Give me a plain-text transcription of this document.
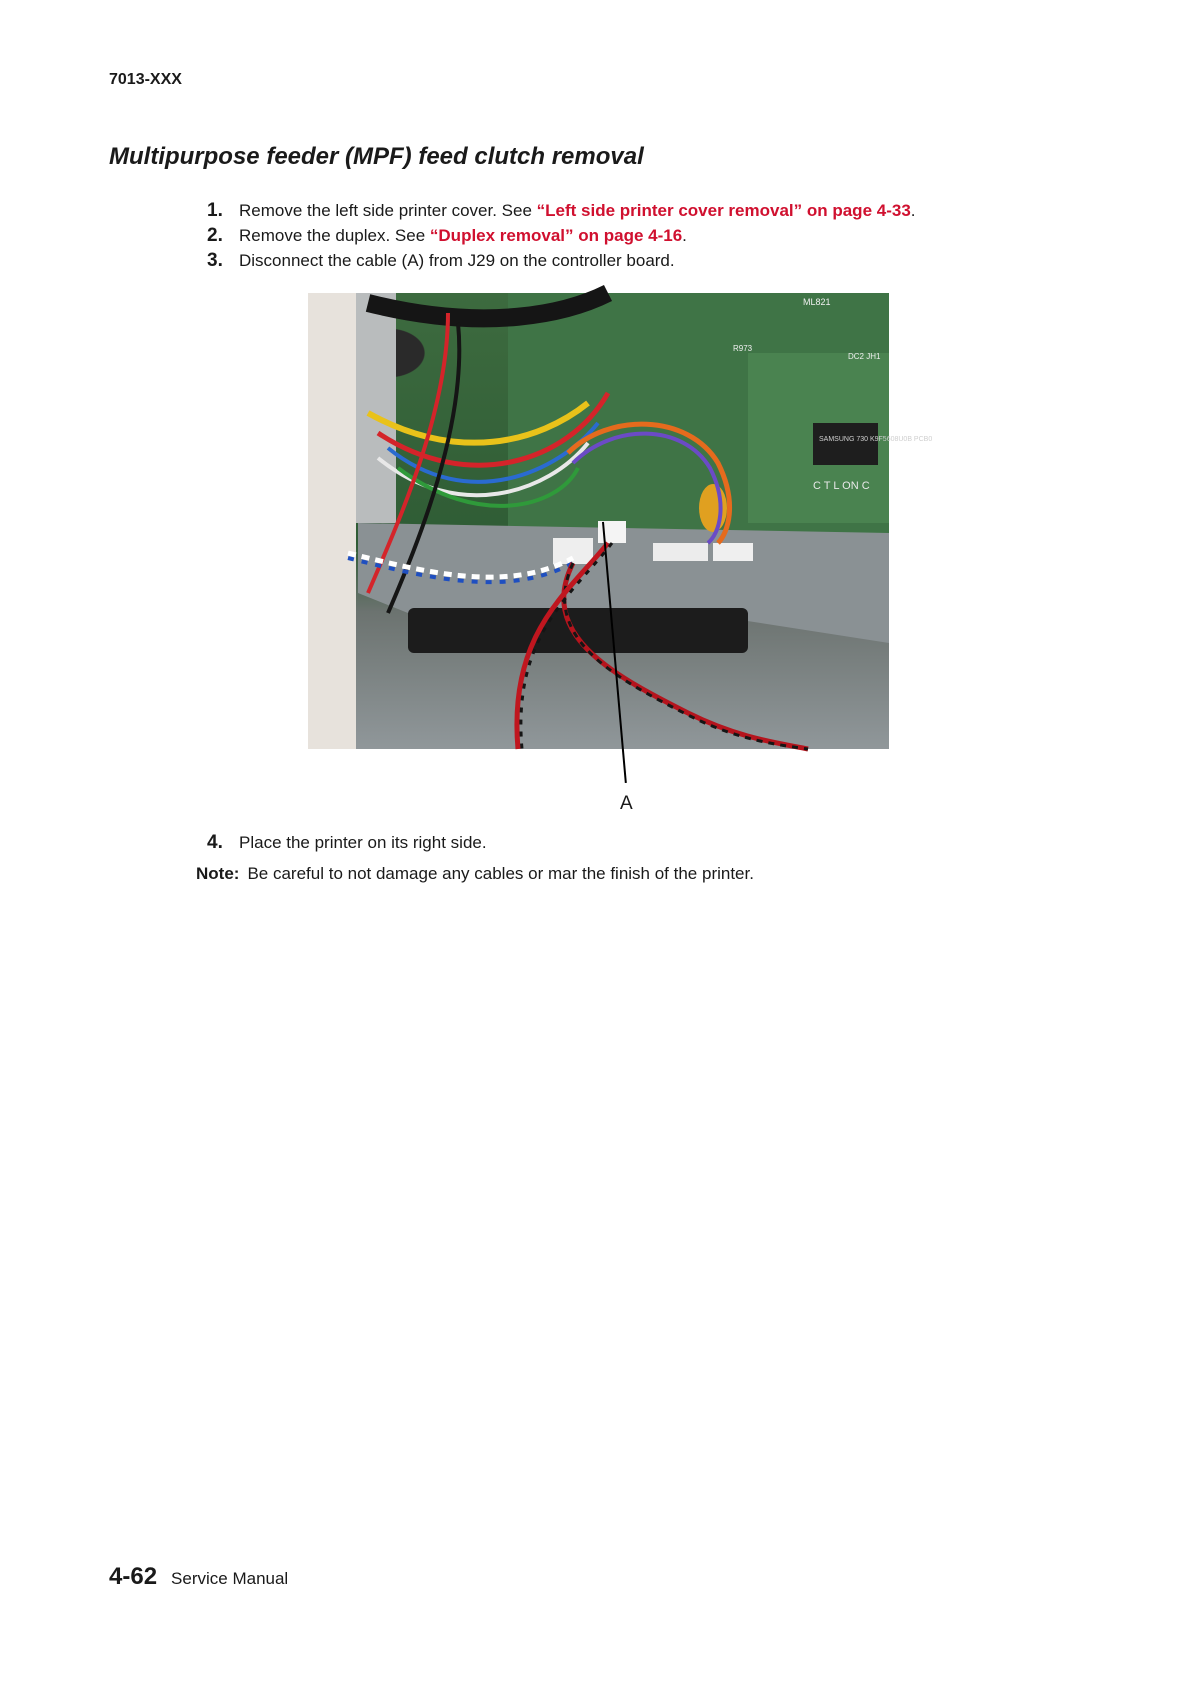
7013-XXX
Multipurpose feeder (MPF) feed clutch removal
1. Remove the left side printer cover. See “Left side printer cover removal” on page 4-33.
2. Remove the duplex. See “Duplex removal” on page 4-16.
3. Disconnect the cable (A) from J29 on the controller board.
SAMSUNG 730 K9F5608U0B PCB0
ML821
DC2 JH1
R973
C T L ON C
A
4. Place the printer on its right side.
Note: Be careful to not damage any cables or mar the finish of the printer.
4-62 Service Manual
